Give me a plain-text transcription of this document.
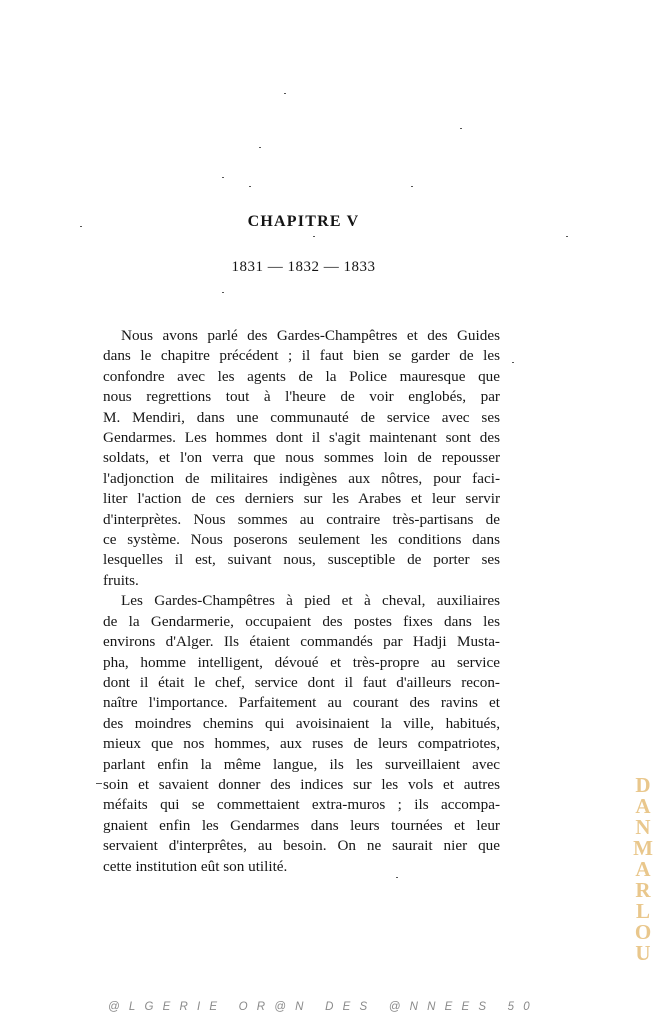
CHAPITRE V
1831 — 1832 — 1833
Nous avons parlé des Gardes-Champêtres et des Guides
dans le chapitre précédent ; il faut bien se garder de les
confondre avec les agents de la Police mauresque que
nous regrettions tout à l'heure de voir englobés, par
M. Mendiri, dans une communauté de service avec ses
Gendarmes. Les hommes dont il s'agit maintenant sont des
soldats, et l'on verra que nous sommes loin de repousser
l'adjonction de militaires indigènes aux nôtres, pour faci-
liter l'action de ces derniers sur les Arabes et leur servir
d'interprètes. Nous sommes au contraire très-partisans de
ce système. Nous poserons seulement les conditions dans
lesquelles il est, suivant nous, susceptible de porter ses
fruits.
Les Gardes-Champêtres à pied et à cheval, auxiliaires
de la Gendarmerie, occupaient des postes fixes dans les
environs d'Alger. Ils étaient commandés par Hadji Musta-
pha, homme intelligent, dévoué et très-propre au service
dont il était le chef, service dont il faut d'ailleurs recon-
naître l'importance. Parfaitement au courant des ravins et
des moindres chemins qui avoisinaient la ville, habitués,
mieux que nos hommes, aux ruses de leurs compatriotes,
parlant enfin la même langue, ils les surveillaient avec
soin et savaient donner des indices sur les vols et autres
méfaits qui se commettaient extra-muros ; ils accompa-
gnaient enfin les Gendarmes dans leurs tournées et leur
servaient d'interprêtes, au besoin. On ne saurait nier que
cette institution eût son utilité.
@LGERIE OR@N DES @NNEES 50
D
A
N
M
A
R
L
O
U
